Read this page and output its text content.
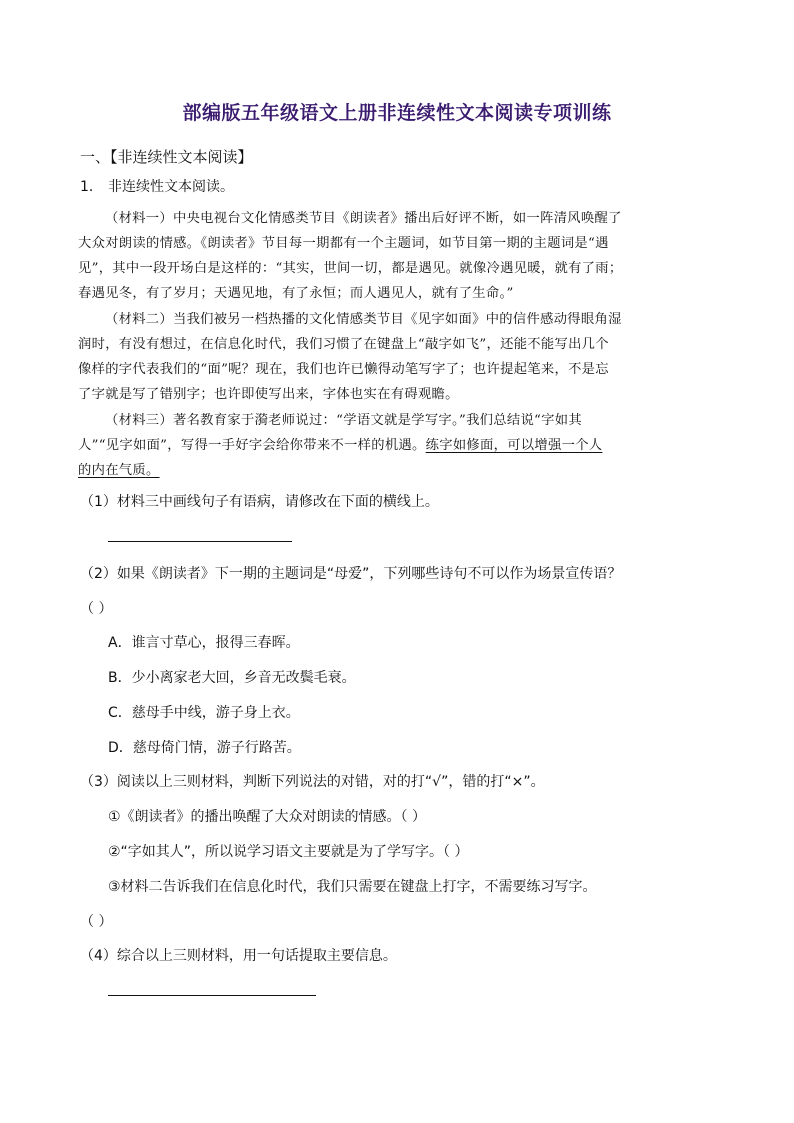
部编版五年级语文上册非连续性文本阅读专项训练
一、【非连续性文本阅读】
1． 非连续性文本阅读。
（材料一）中央电视台文化情感类节目《朗读者》播出后好评不断，如一阵清风唤醒了
大众对朗读的情感。《朗读者》节目每一期都有一个主题词，如节目第一期的主题词是“遇
见”，其中一段开场白是这样的：“其实，世间一切，都是遇见。就像冷遇见暖，就有了雨；
春遇见冬，有了岁月；天遇见地，有了永恒；而人遇见人，就有了生命。”
（材料二）当我们被另一档热播的文化情感类节目《见字如面》中的信件感动得眼角湿
润时，有没有想过，在信息化时代，我们习惯了在键盘上“敲字如飞”，还能不能写出几个
像样的字代表我们的“面”呢？现在，我们也许已懒得动笔写字了；也许提起笔来，不是忘
了字就是写了错别字；也许即使写出来，字体也实在有碍观瞻。
（材料三）著名教育家于漪老师说过：“学语文就是学写字。”我们总结说“字如其
人”“见字如面”，写得一手好字会给你带来不一样的机遇。练字如修面，可以增强一个人
的内在气质。
（1）材料三中画线句子有语病，请修改在下面的横线上。
（2）如果《朗读者》下一期的主题词是“母爱”，下列哪些诗句不可以作为场景宣传语？
（ ）
A．谁言寸草心，报得三春晖。
B．少小离家老大回，乡音无改鬓毛衰。
C．慈母手中线，游子身上衣。
D．慈母倚门情，游子行路苦。
（3）阅读以上三则材料，判断下列说法的对错，对的打“√”，错的打“×”。
①《朗读者》的播出唤醒了大众对朗读的情感。（ ）
②“字如其人”，所以说学习语文主要就是为了学写字。（ ）
③材料二告诉我们在信息化时代，我们只需要在键盘上打字，不需要练习写字。
（ ）
（4）综合以上三则材料，用一句话提取主要信息。
